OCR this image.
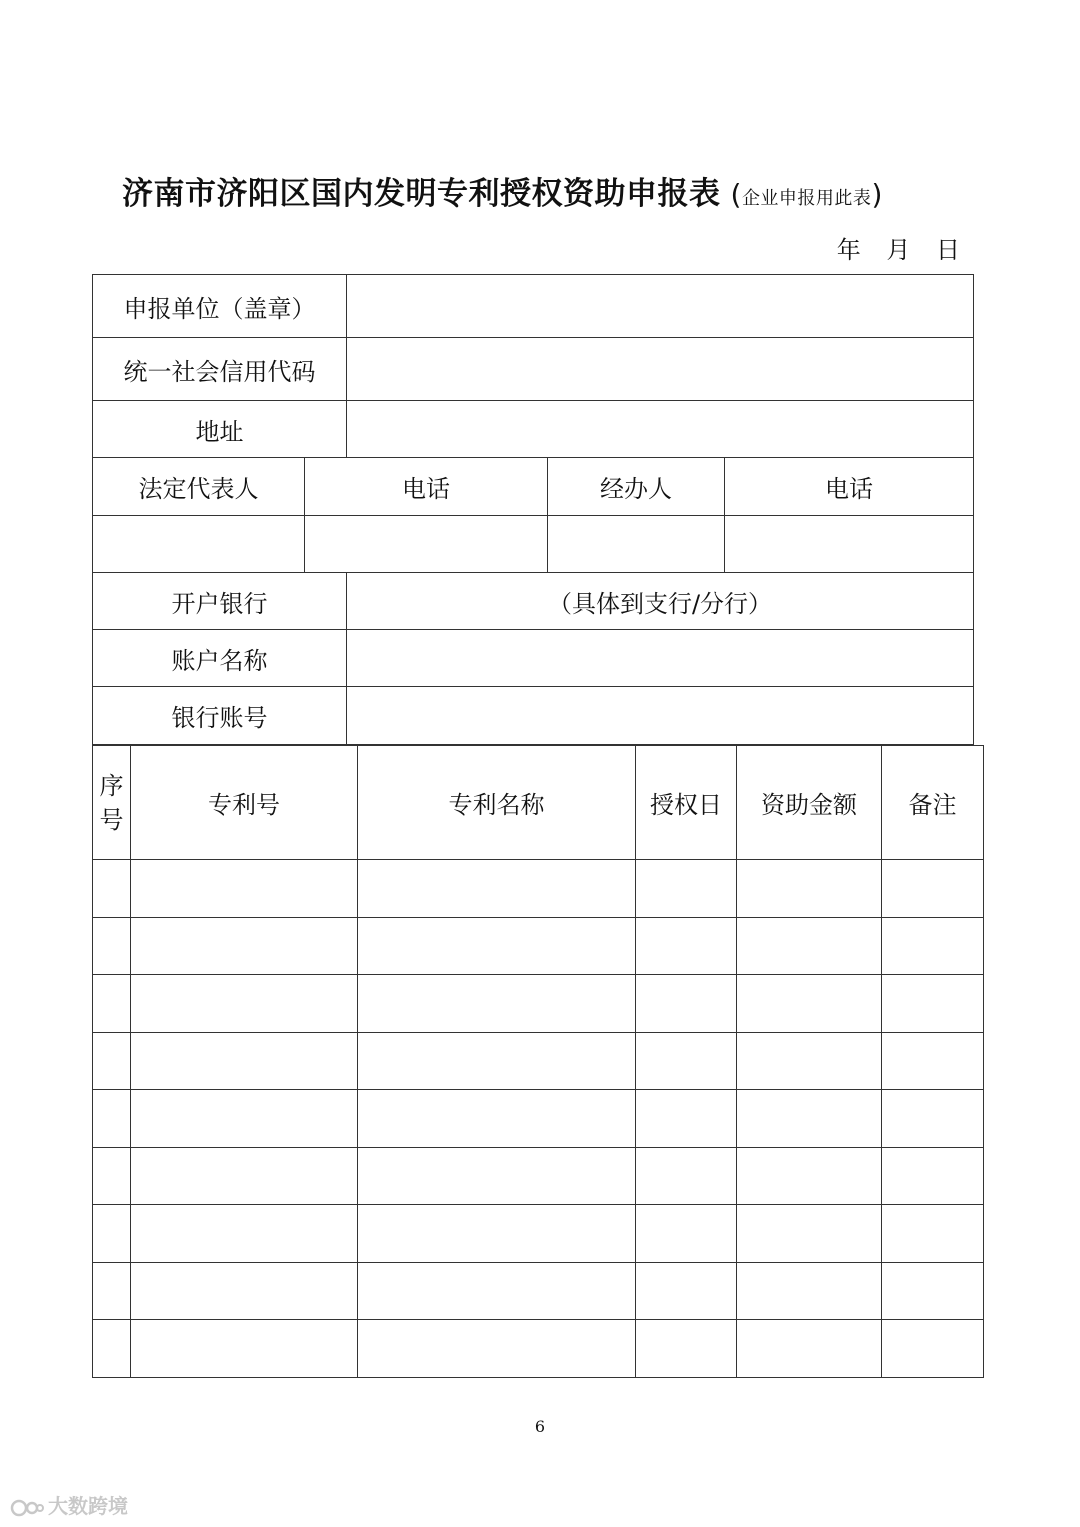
济南市济阳区国内发明专利授权资助申报表 (企业申报用此表)
年 月 日
申报单位（盖章）				
统一社会信用代码				
地址				
法定代表人	电话		经办人	电话

开户银行		（具体到支行/分行）		
账户名称				
银行账号				
序
号	专利号	专利名称	授权日	资助金额	备注

6
大数跨境
